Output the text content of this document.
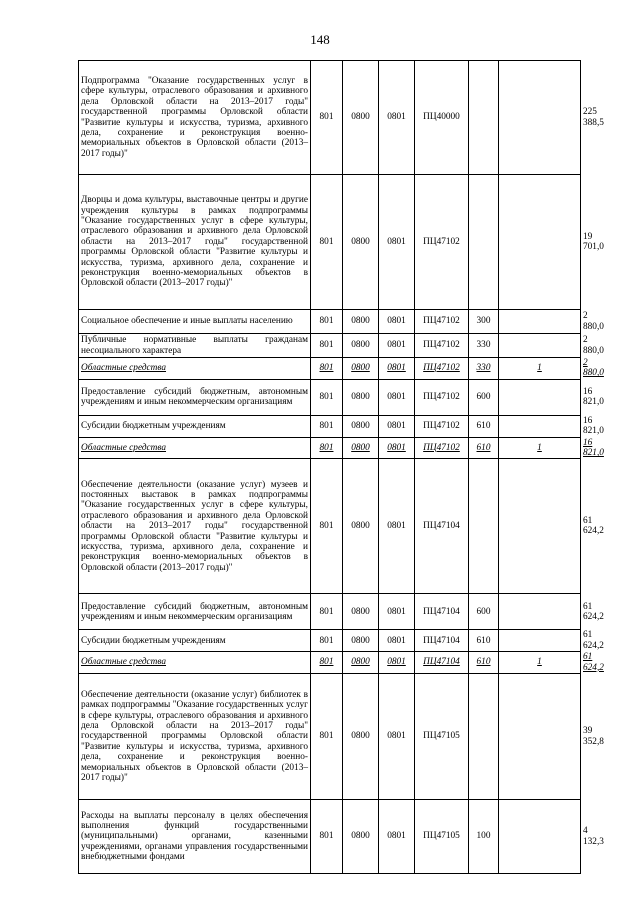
148
Подпрограмма "Оказание государственных услуг в сфере культуры, отраслевого образования и архивного дела Орловской области на 2013–2017 годы" государственной программы Орловской области "Развитие культуры и искусства, туризма, архивного дела, сохранение и реконструкция военно-мемориальных объектов в Орловской области (2013–2017 годы)"	801	0800	0801	ПЦ40000			225 388,5
Дворцы и дома культуры, выставочные центры и другие учреждения культуры в рамках подпрограммы "Оказание государственных услуг в сфере культуры, отраслевого образования и архивного дела Орловской области на 2013–2017 годы" государственной программы Орловской области "Развитие культуры и искусства, туризма, архивного дела, сохранение и реконструкция военно-мемориальных объектов в Орловской области (2013–2017 годы)"	801	0800	0801	ПЦ47102			19 701,0
Социальное обеспечение и иные выплаты населению	801	0800	0801	ПЦ47102	300		2 880,0
Публичные нормативные выплаты гражданам несоциального характера	801	0800	0801	ПЦ47102	330		2 880,0
Областные средства	801	0800	0801	ПЦ47102	330	1	2 880,0
Предоставление субсидий бюджетным, автономным учреждениям и иным некоммерческим организациям	801	0800	0801	ПЦ47102	600		16 821,0
Субсидии бюджетным учреждениям	801	0800	0801	ПЦ47102	610		16 821,0
Областные средства	801	0800	0801	ПЦ47102	610	1	16 821,0
Обеспечение деятельности (оказание услуг) музеев и постоянных выставок в рамках подпрограммы "Оказание государственных услуг в сфере культуры, отраслевого образования и архивного дела Орловской области на 2013–2017 годы" государственной программы Орловской области "Развитие культуры и искусства, туризма, архивного дела, сохранение и реконструкция военно-мемориальных объектов в Орловской области (2013–2017 годы)"	801	0800	0801	ПЦ47104			61 624,2
Предоставление субсидий бюджетным, автономным учреждениям и иным некоммерческим организациям	801	0800	0801	ПЦ47104	600		61 624,2
Субсидии бюджетным учреждениям	801	0800	0801	ПЦ47104	610		61 624,2
Областные средства	801	0800	0801	ПЦ47104	610	1	61 624,2
Обеспечение деятельности (оказание услуг) библиотек в рамках подпрограммы "Оказание государственных услуг в сфере культуры, отраслевого образования и архивного дела Орловской области на 2013–2017 годы" государственной программы Орловской области "Развитие культуры и искусства, туризма, архивного дела, сохранение и реконструкция военно-мемориальных объектов в Орловской области (2013–2017 годы)"	801	0800	0801	ПЦ47105			39 352,8
Расходы на выплаты персоналу в целях обеспечения выполнения функций государственными (муниципальными) органами, казенными учреждениями, органами управления государственными внебюджетными фондами	801	0800	0801	ПЦ47105	100		4 132,3
